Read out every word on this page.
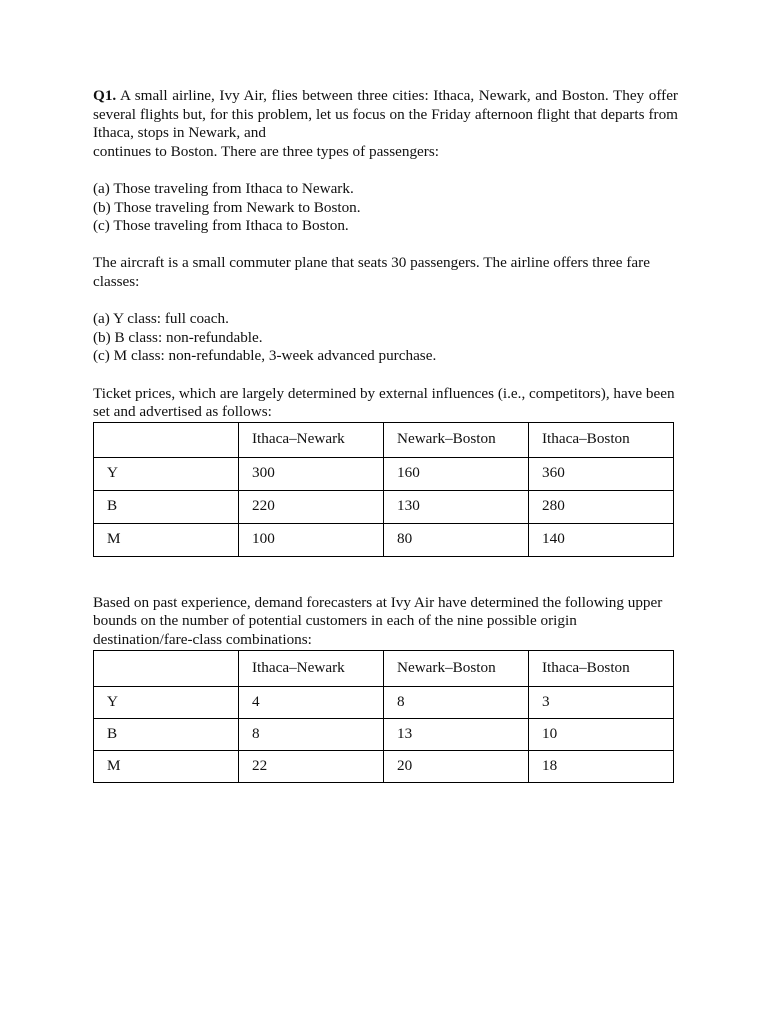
Q1. A small airline, Ivy Air, flies between three cities: Ithaca, Newark, and Boston. They offer several flights but, for this problem, let us focus on the Friday afternoon flight that departs from Ithaca, stops in Newark, and

continues to Boston. There are three types of passengers:

(a) Those traveling from Ithaca to Newark.

(b) Those traveling from Newark to Boston.

(c) Those traveling from Ithaca to Boston.

The aircraft is a small commuter plane that seats 30 passengers. The airline offers three fare classes:

(a) Y class: full coach.

(b) B class: non-refundable.

(c) M class: non-refundable, 3-week advanced purchase.

Ticket prices, which are largely determined by external influences (i.e., competitors), have been set and advertised as follows:

	Ithaca–Newark	Newark–Boston	Ithaca–Boston
Y	300	160	360
B	220	130	280
M	100	80	140

Based on past experience, demand forecasters at Ivy Air have determined the following upper bounds on the number of potential customers in each of the nine possible origin destination/fare-class combinations:

	Ithaca–Newark	Newark–Boston	Ithaca–Boston
Y	4	8	3
B	8	13	10
M	22	20	18
